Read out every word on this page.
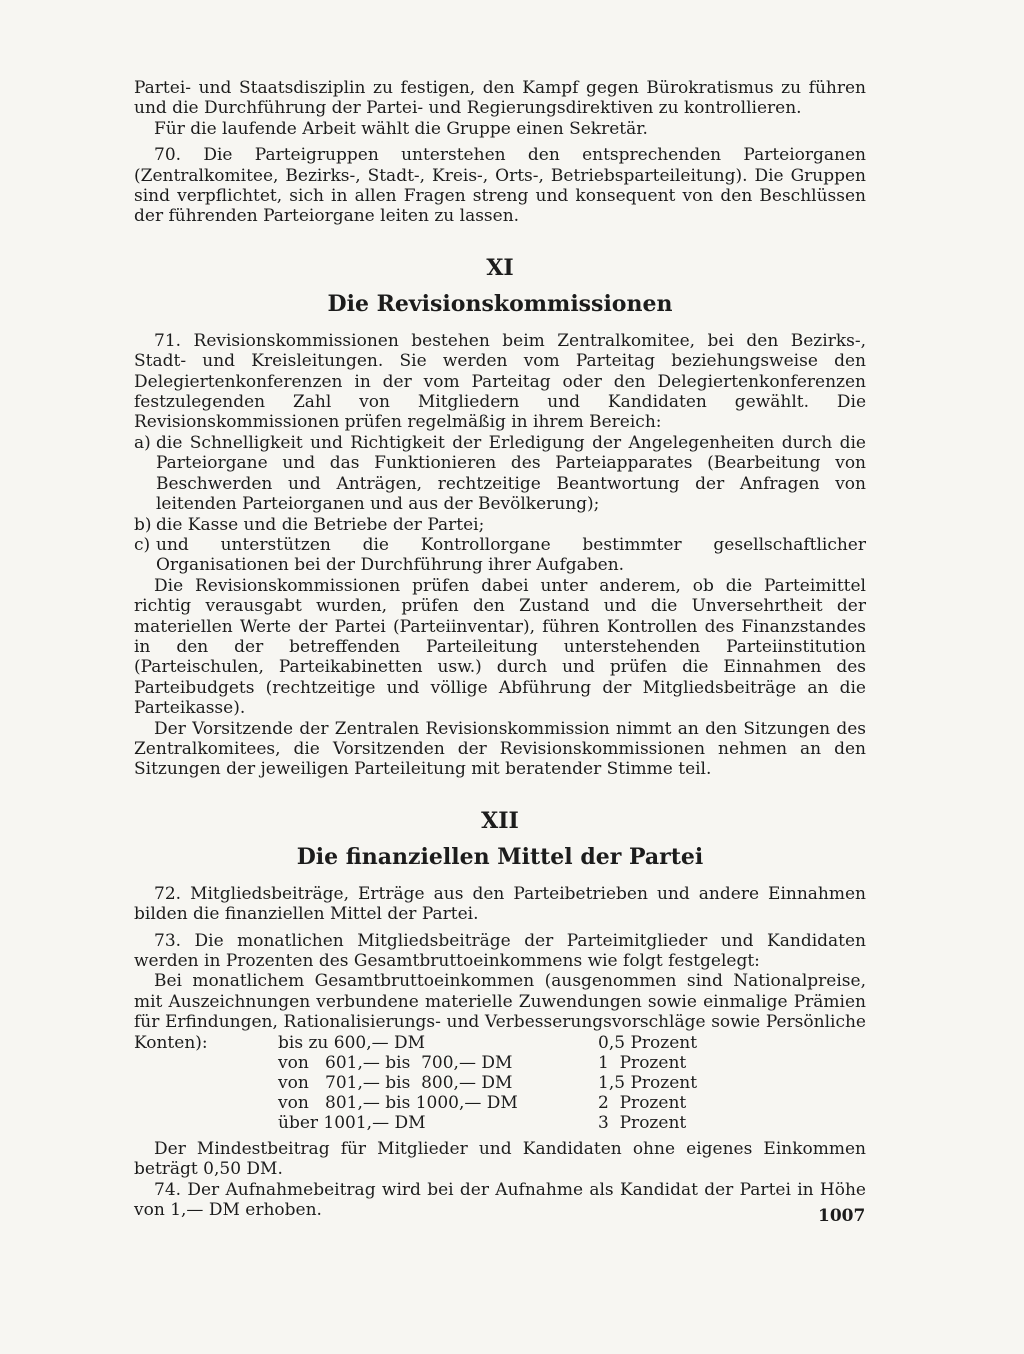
Partei- und Staatsdisziplin zu festigen, den Kampf gegen Bürokratismus zu führen und die Durchführung der Partei- und Regierungsdirektiven zu kontrollieren.

Für die laufende Arbeit wählt die Gruppe einen Sekretär.

70. Die Parteigruppen unterstehen den entsprechenden Parteiorganen (Zentralkomitee, Bezirks-, Stadt-, Kreis-, Orts-, Betriebsparteileitung). Die Gruppen sind verpflichtet, sich in allen Fragen streng und konsequent von den Beschlüssen der führenden Parteiorgane leiten zu lassen.

XI
Die Revisionskommissionen

71. Revisionskommissionen bestehen beim Zentralkomitee, bei den Bezirks-, Stadt- und Kreisleitungen. Sie werden vom Parteitag beziehungsweise den Delegiertenkonferenzen in der vom Parteitag oder den Delegiertenkonferenzen festzulegenden Zahl von Mitgliedern und Kandidaten gewählt. Die Revisionskommissionen prüfen regelmäßig in ihrem Bereich:

a) die Schnelligkeit und Richtigkeit der Erledigung der Angelegenheiten durch die Parteiorgane und das Funktionieren des Parteiapparates (Bearbeitung von Beschwerden und Anträgen, rechtzeitige Beantwortung der Anfragen von leitenden Parteiorganen und aus der Bevölkerung);
b) die Kasse und die Betriebe der Partei;
c) und unterstützen die Kontrollorgane bestimmter gesellschaftlicher Organisationen bei der Durchführung ihrer Aufgaben.

Die Revisionskommissionen prüfen dabei unter anderem, ob die Parteimittel richtig verausgabt wurden, prüfen den Zustand und die Unversehrtheit der materiellen Werte der Partei (Parteiinventar), führen Kontrollen des Finanzstandes in den der betreffenden Parteileitung unterstehenden Parteiinstitution (Parteischulen, Parteikabinetten usw.) durch und prüfen die Einnahmen des Parteibudgets (rechtzeitige und völlige Abführung der Mitgliedsbeiträge an die Parteikasse).

Der Vorsitzende der Zentralen Revisionskommission nimmt an den Sitzungen des Zentralkomitees, die Vorsitzenden der Revisionskommissionen nehmen an den Sitzungen der jeweiligen Parteileitung mit beratender Stimme teil.

XII
Die finanziellen Mittel der Partei

72. Mitgliedsbeiträge, Erträge aus den Parteibetrieben und andere Einnahmen bilden die finanziellen Mittel der Partei.

73. Die monatlichen Mitgliedsbeiträge der Parteimitglieder und Kandidaten werden in Prozenten des Gesamtbruttoeinkommens wie folgt festgelegt:

Bei monatlichem Gesamtbruttoeinkommen (ausgenommen sind Nationalpreise, mit Auszeichnungen verbundene materielle Zuwendungen sowie einmalige Prämien für Erfindungen, Rationalisierungs- und Verbesserungsvorschläge sowie Persönliche Konten):	bis zu 600,— DM	0,5 Prozent
von   601,— bis  700,— DM	1  Prozent
von   701,— bis  800,— DM	1,5 Prozent
von   801,— bis 1000,— DM	2  Prozent
über 1001,— DM	3  Prozent

Der Mindestbeitrag für Mitglieder und Kandidaten ohne eigenes Einkommen beträgt 0,50 DM.

74. Der Aufnahmebeitrag wird bei der Aufnahme als Kandidat der Partei in Höhe von 1,— DM erhoben.	1007
